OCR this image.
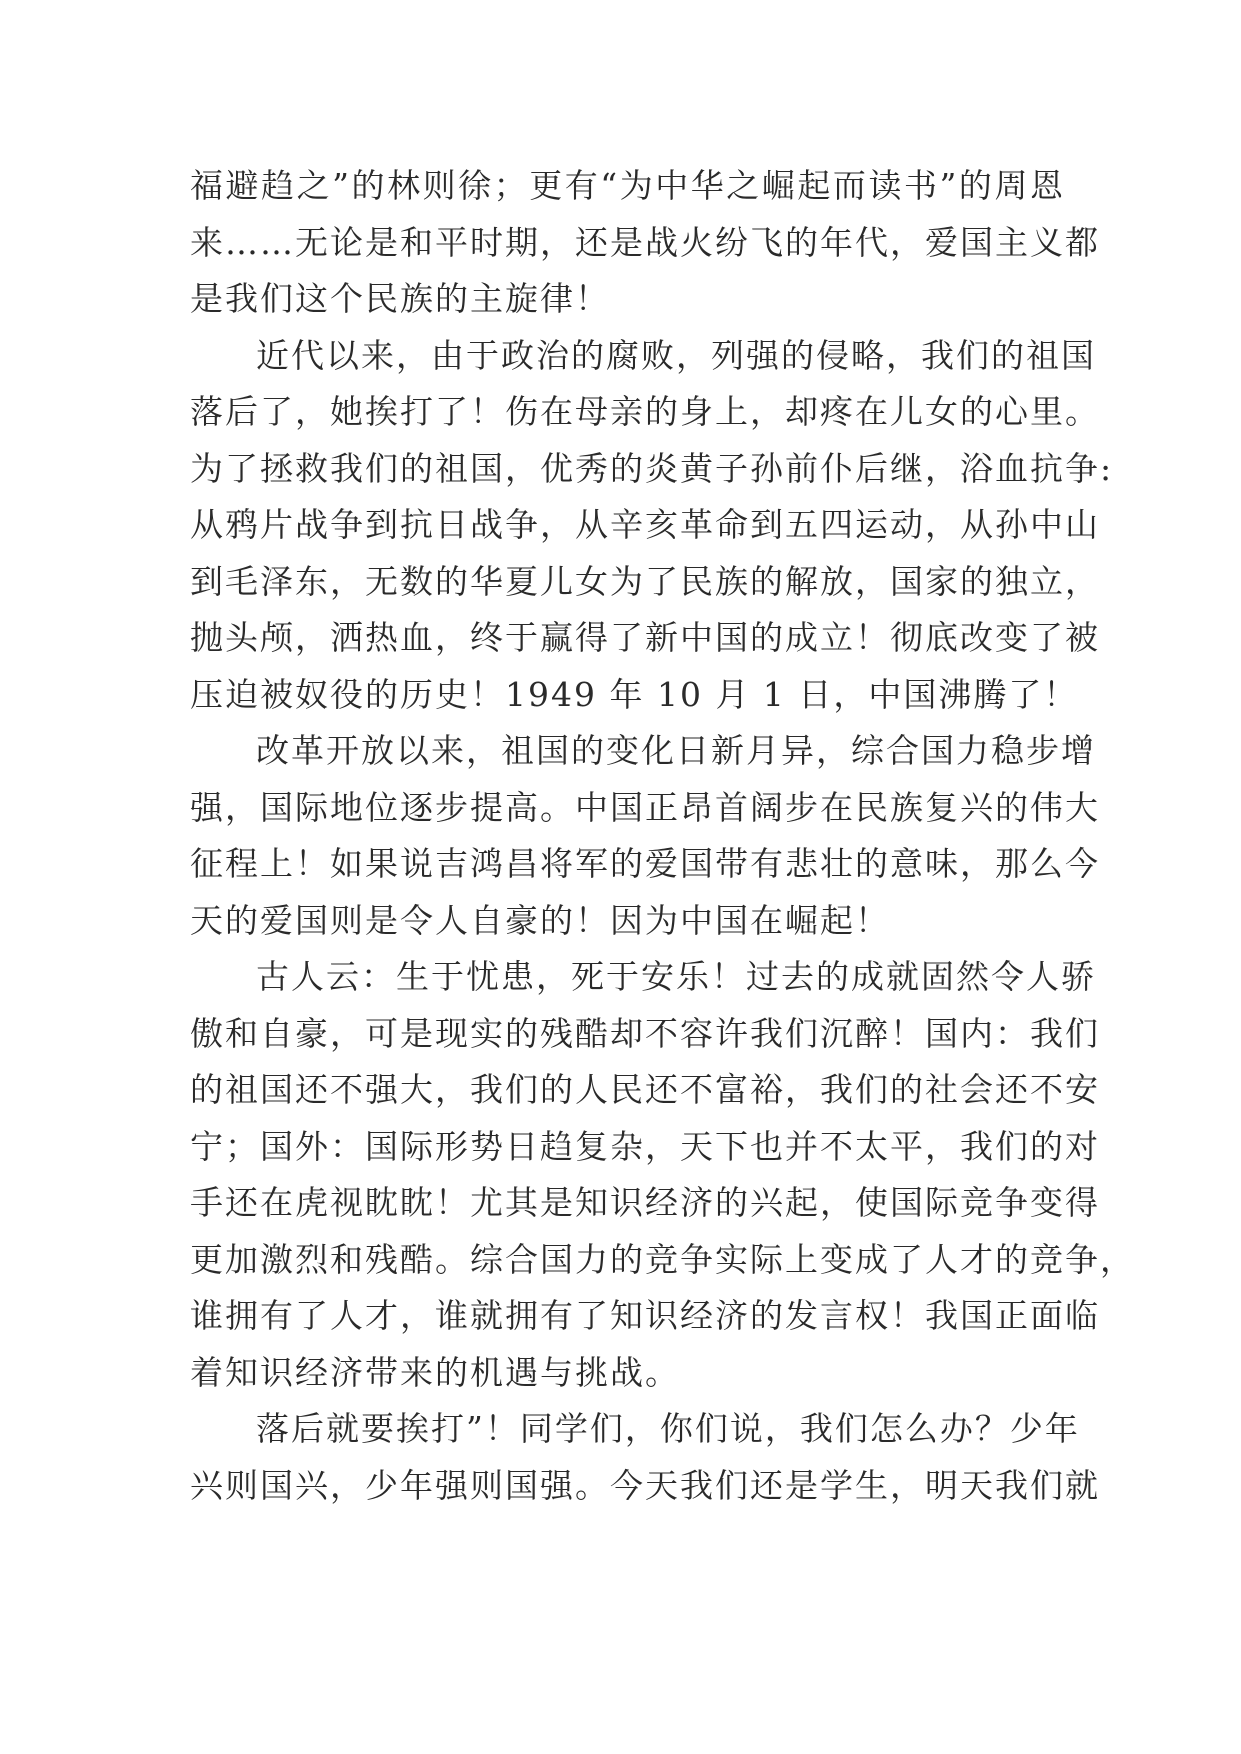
福避趋之”的林则徐；更有“为中华之崛起而读书”的周恩
来……无论是和平时期，还是战火纷飞的年代，爱国主义都
是我们这个民族的主旋律！
近代以来，由于政治的腐败，列强的侵略，我们的祖国
落后了，她挨打了！伤在母亲的身上，却疼在儿女的心里。
为了拯救我们的祖国，优秀的炎黄子孙前仆后继，浴血抗争:
从鸦片战争到抗日战争，从辛亥革命到五四运动，从孙中山
到毛泽东，无数的华夏儿女为了民族的解放，国家的独立，
抛头颅，洒热血，终于赢得了新中国的成立！彻底改变了被
压迫被奴役的历史！1949 年 10 月 1 日，中国沸腾了！
改革开放以来，祖国的变化日新月异，综合国力稳步增
强，国际地位逐步提高。中国正昂首阔步在民族复兴的伟大
征程上！如果说吉鸿昌将军的爱国带有悲壮的意味，那么今
天的爱国则是令人自豪的！因为中国在崛起！
古人云：生于忧患，死于安乐！过去的成就固然令人骄
傲和自豪，可是现实的残酷却不容许我们沉醉！国内：我们
的祖国还不强大，我们的人民还不富裕，我们的社会还不安
宁；国外：国际形势日趋复杂，天下也并不太平，我们的对
手还在虎视眈眈！尤其是知识经济的兴起，使国际竞争变得
更加激烈和残酷。综合国力的竞争实际上变成了人才的竞争，
谁拥有了人才，谁就拥有了知识经济的发言权！我国正面临
着知识经济带来的机遇与挑战。
落后就要挨打”！同学们，你们说，我们怎么办？少年
兴则国兴，少年强则国强。今天我们还是学生，明天我们就
